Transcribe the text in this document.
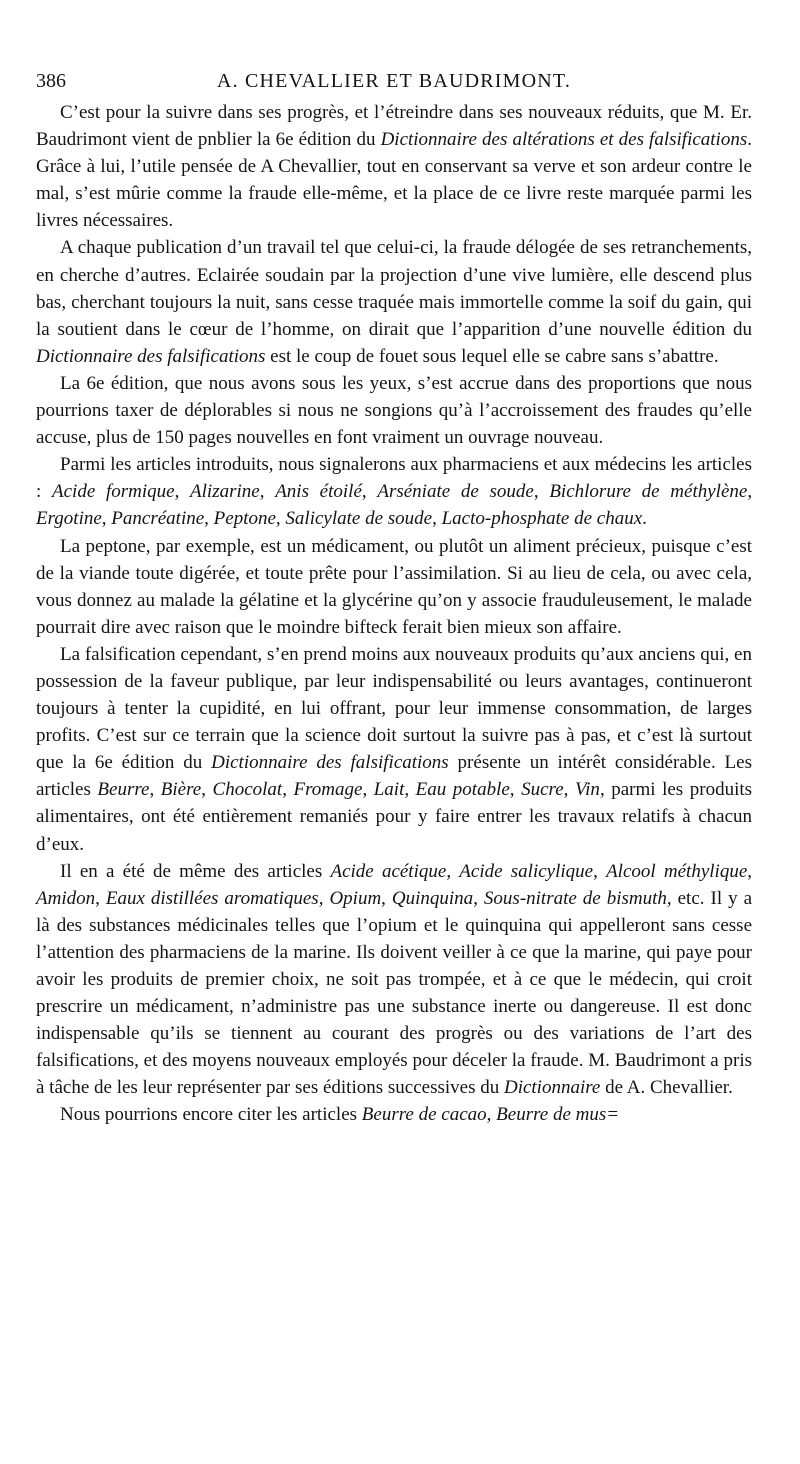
386	A. CHEVALLIER ET BAUDRIMONT.

C’est pour la suivre dans ses progrès, et l’étreindre dans ses nouveaux réduits, que M. Er. Baudrimont vient de pnblier la 6e édition du Dictionnaire des altérations et des falsifications. Grâce à lui, l’utile pensée de A Chevallier, tout en conservant sa verve et son ardeur contre le mal, s’est mûrie comme la fraude elle-même, et la place de ce livre reste marquée parmi les livres nécessaires.

A chaque publication d’un travail tel que celui-ci, la fraude délogée de ses retranchements, en cherche d’autres. Eclairée soudain par la projection d’une vive lumière, elle descend plus bas, cherchant toujours la nuit, sans cesse traquée mais immortelle comme la soif du gain, qui la soutient dans le cœur de l’homme, on dirait que l’apparition d’une nouvelle édition du Dictionnaire des falsifications est le coup de fouet sous lequel elle se cabre sans s’abattre.

La 6e édition, que nous avons sous les yeux, s’est accrue dans des proportions que nous pourrions taxer de déplorables si nous ne songions qu’à l’accroissement des fraudes qu’elle accuse, plus de 150 pages nouvelles en font vraiment un ouvrage nouveau.

Parmi les articles introduits, nous signalerons aux pharmaciens et aux médecins les articles : Acide formique, Alizarine, Anis étoilé, Arséniate de soude, Bichlorure de méthylène, Ergotine, Pancréatine, Peptone, Salicylate de soude, Lacto-phosphate de chaux.

La peptone, par exemple, est un médicament, ou plutôt un aliment précieux, puisque c’est de la viande toute digérée, et toute prête pour l’assimilation. Si au lieu de cela, ou avec cela, vous donnez au malade la gélatine et la glycérine qu’on y associe frauduleusement, le malade pourrait dire avec raison que le moindre bifteck ferait bien mieux son affaire.

La falsification cependant, s’en prend moins aux nouveaux produits qu’aux anciens qui, en possession de la faveur publique, par leur indispensabilité ou leurs avantages, continueront toujours à tenter la cupidité, en lui offrant, pour leur immense consommation, de larges profits. C’est sur ce terrain que la science doit surtout la suivre pas à pas, et c’est là surtout que la 6e édition du Dictionnaire des falsifications présente un intérêt considérable. Les articles Beurre, Bière, Chocolat, Fromage, Lait, Eau potable, Sucre, Vin, parmi les produits alimentaires, ont été entièrement remaniés pour y faire entrer les travaux relatifs à chacun d’eux.

Il en a été de même des articles Acide acétique, Acide salicylique, Alcool méthylique, Amidon, Eaux distillées aromatiques, Opium, Quinquina, Sous-nitrate de bismuth, etc. Il y a là des substances médicinales telles que l’opium et le quinquina qui appelleront sans cesse l’attention des pharmaciens de la marine. Ils doivent veiller à ce que la marine, qui paye pour avoir les produits de premier choix, ne soit pas trompée, et à ce que le médecin, qui croit prescrire un médicament, n’administre pas une substance inerte ou dangereuse. Il est donc indispensable qu’ils se tiennent au courant des progrès ou des variations de l’art des falsifications, et des moyens nouveaux employés pour déceler la fraude. M. Baudrimont a pris à tâche de les leur représenter par ses éditions successives du Dictionnaire de A. Chevallier.

Nous pourrions encore citer les articles Beurre de cacao, Beurre de mus=
